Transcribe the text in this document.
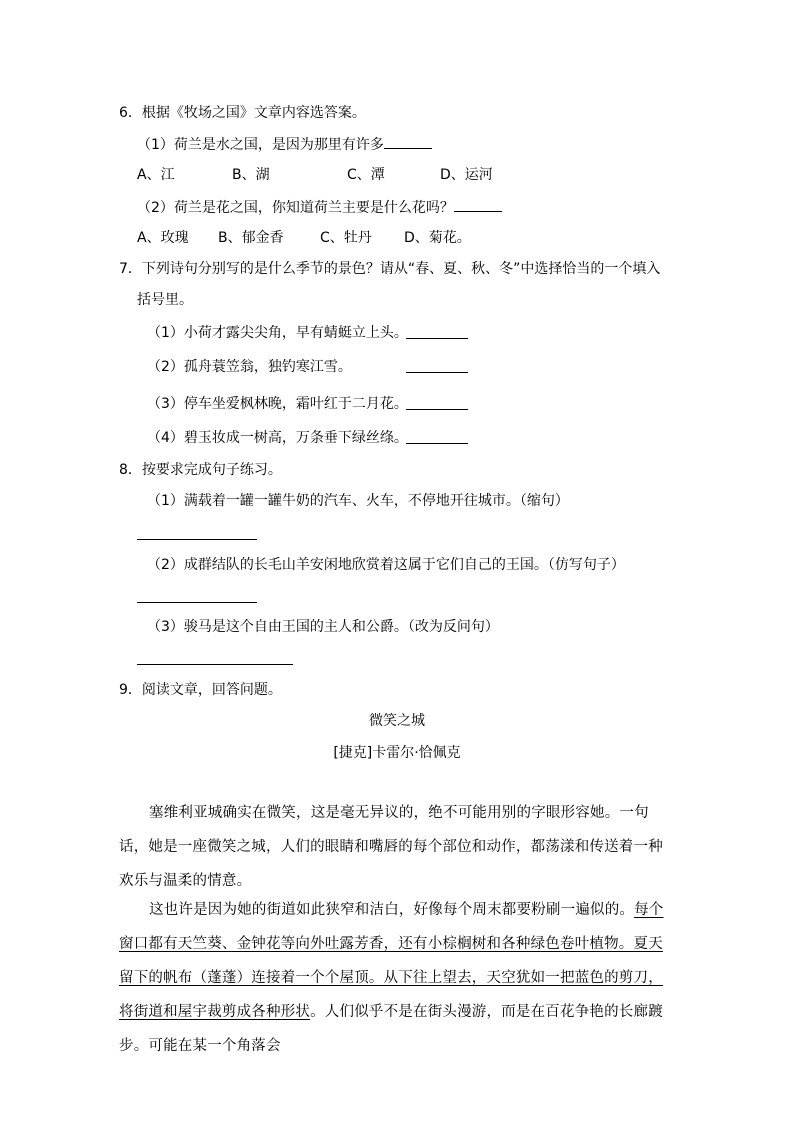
6．根据《牧场之国》文章内容选答案。
（1）荷兰是水之国，是因为那里有许多
A、江	B、湖	C、潭	D、运河
（2）荷兰是花之国，你知道荷兰主要是什么花吗？
A、玫瑰 B、郁金香	C、牡丹 D、菊花。
7．下列诗句分别写的是什么季节的景色？请从“春、夏、秋、冬”中选择恰当的一个填入
括号里。
（1）小荷才露尖尖角，早有蜻蜓立上头。
（2）孤舟蓑笠翁，独钓寒江雪。
（3）停车坐爱枫林晚，霜叶红于二月花。
（4）碧玉妆成一树高，万条垂下绿丝绦。
8．按要求完成句子练习。
（1）满载着一罐一罐牛奶的汽车、火车，不停地开往城市。（缩句）
（2）成群结队的长毛山羊安闲地欣赏着这属于它们自己的王国。（仿写句子）
（3）骏马是这个自由王国的主人和公爵。（改为反问句）
9．阅读文章，回答问题。
微笑之城
[捷克]卡雷尔·恰佩克
塞维利亚城确实在微笑，这是毫无异议的，绝不可能用别的字眼形容她。一句话，她是一座微笑之城，人们的眼睛和嘴唇的每个部位和动作，都荡漾和传送着一种欢乐与温柔的情意。
这也许是因为她的街道如此狭窄和洁白，好像每个周末都要粉刷一遍似的。每个窗口都有天竺葵、金钟花等向外吐露芳香，还有小棕榈树和各种绿色卷叶植物。夏天留下的帆布（蓬蓬）连接着一个个屋顶。从下往上望去，天空犹如一把蓝色的剪刀，将街道和屋宇裁剪成各种形状。人们似乎不是在街头漫游，而是在百花争艳的长廊踱步。可能在某一个角落会
